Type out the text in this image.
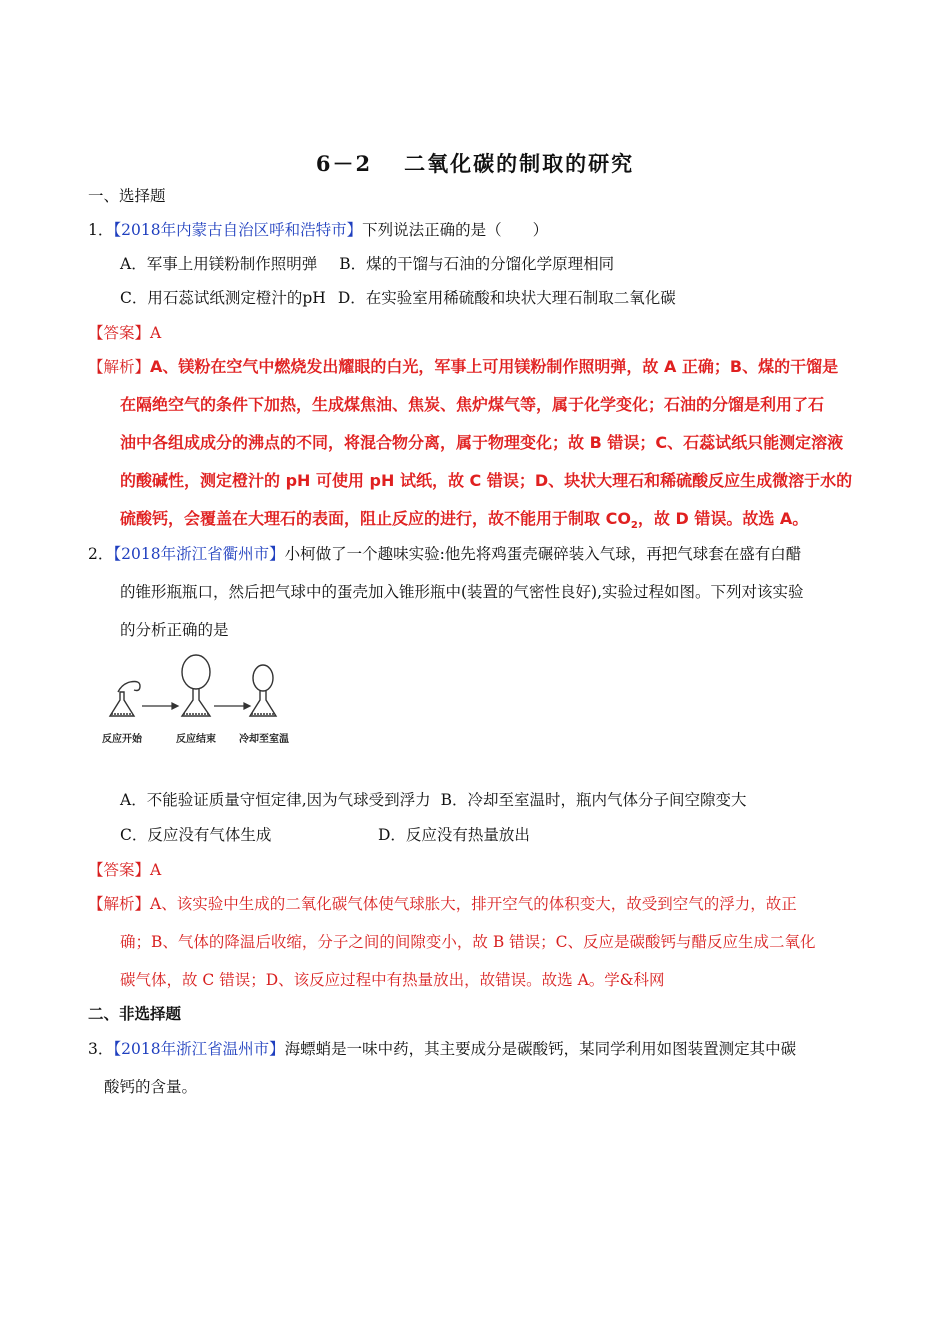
6－2 二氧化碳的制取的研究
一、选择题
1．【2018年内蒙古自治区呼和浩特市】下列说法正确的是（　　）
A．军事上用镁粉制作照明弹 B．煤的干馏与石油的分馏化学原理相同
C．用石蕊试纸测定橙汁的pH D．在实验室用稀硫酸和块状大理石制取二氧化碳
【答案】A
【解析】A、镁粉在空气中燃烧发出耀眼的白光，军事上可用镁粉制作照明弹，故 A 正确；B、煤的干馏是
在隔绝空气的条件下加热，生成煤焦油、焦炭、焦炉煤气等，属于化学变化；石油的分馏是利用了石
油中各组成成分的沸点的不同，将混合物分离，属于物理变化；故 B 错误；C、石蕊试纸只能测定溶液
的酸碱性，测定橙汁的 pH 可使用 pH 试纸，故 C 错误；D、块状大理石和稀硫酸反应生成微溶于水的
硫酸钙，会覆盖在大理石的表面，阻止反应的进行，故不能用于制取 $CO_2$，故 D 错误。故选 A。
2．【2018年浙江省衢州市】小柯做了一个趣味实验:他先将鸡蛋壳碾碎装入气球，再把气球套在盛有白醋
的锥形瓶瓶口，然后把气球中的蛋壳加入锥形瓶中(装置的气密性良好),实验过程如图。下列对该实验
的分析正确的是
反应开始	反应结束 冷却至室温
A．不能验证质量守恒定律,因为气球受到浮力 B．冷却至室温时，瓶内气体分子间空隙变大
C．反应没有气体生成	D．反应没有热量放出
【答案】A
【解析】A、该实验中生成的二氧化碳气体使气球胀大，排开空气的体积变大，故受到空气的浮力，故正
确；B、气体的降温后收缩，分子之间的间隙变小，故 B 错误；C、反应是碳酸钙与醋反应生成二氧化
碳气体，故 C 错误；D、该反应过程中有热量放出，故错误。故选 A。学&科网
二、非选择题
3．【2018年浙江省温州市】海螵蛸是一味中药，其主要成分是碳酸钙，某同学利用如图装置测定其中碳
酸钙的含量。
